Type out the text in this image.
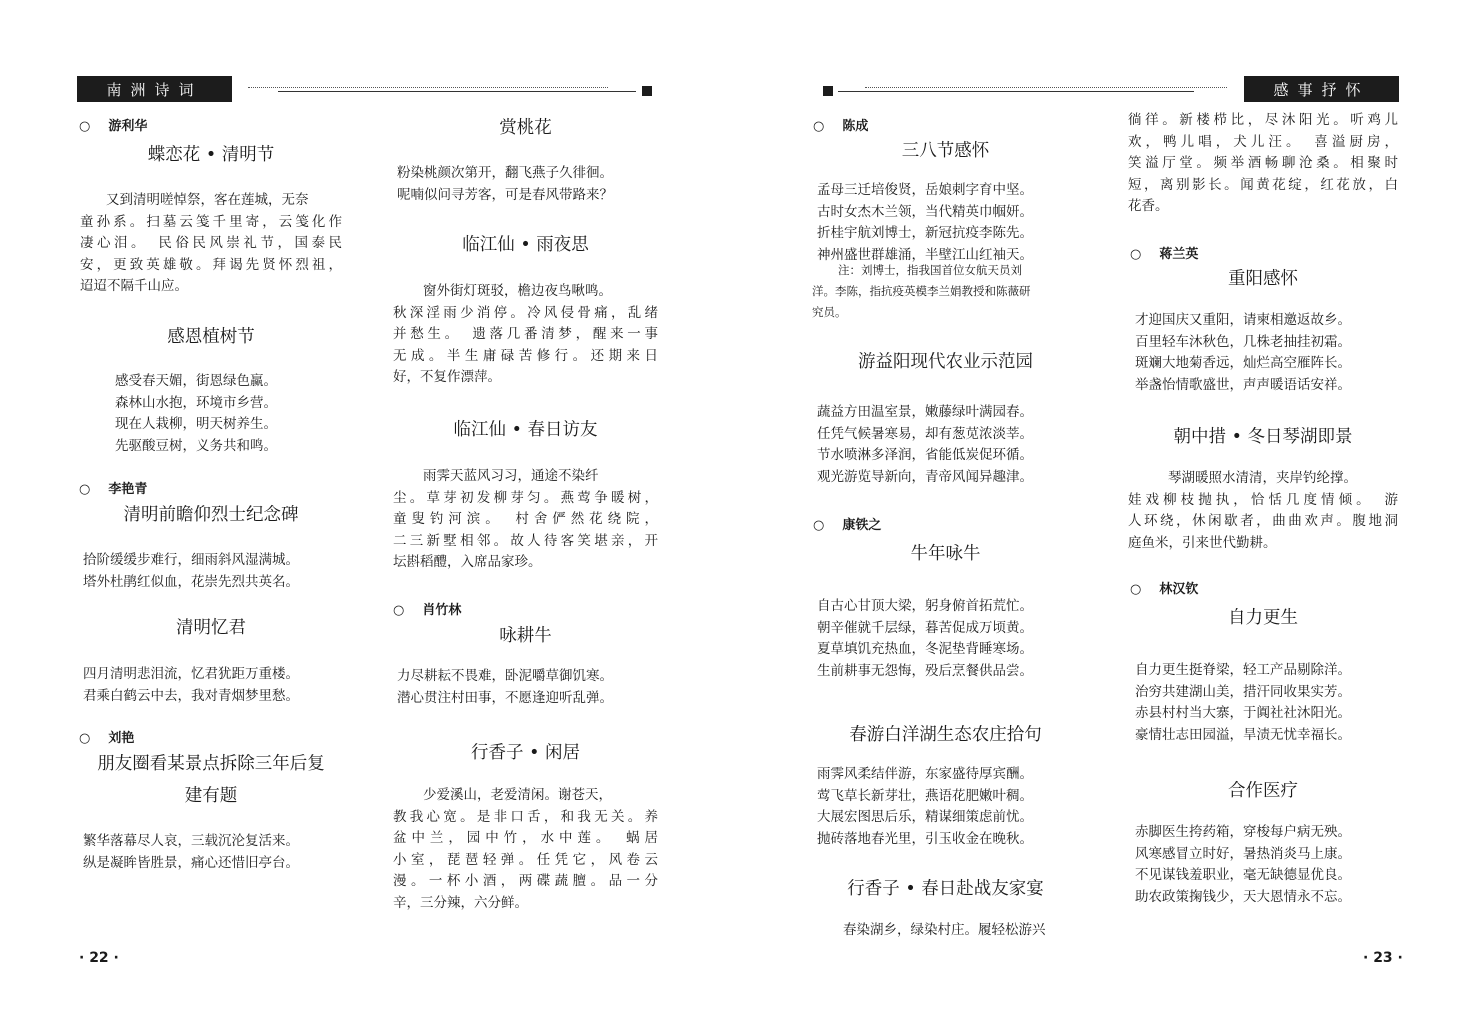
南洲诗词
○ 游利华
蝶恋花 • 清明节
又到清明嗟悼祭，客在莲城，无奈
童孙系。扫墓云笺千里寄，云笺化作
凄心泪。　民俗民风崇礼节，国泰民
安，更致英雄敬。拜谒先贤怀烈祖，
迢迢不隔千山应。
感恩植树节
感受春天媚，街恩绿色赢。
森林山水抱，环境市乡营。
现在人栽柳，明天树养生。
先驱酸豆树，义务共和鸣。
○ 李艳青
清明前瞻仰烈士纪念碑
拾阶缓缓步难行，细雨斜风湿满城。
塔外杜鹃红似血，花崇先烈共英名。
清明忆君
四月清明悲泪流，忆君犹距万重楼。
君乘白鹤云中去，我对青烟梦里愁。
○ 刘艳
朋友圈看某景点拆除三年后复
建有题
繁华落幕尽人哀，三载沉沦复活来。
纵是凝眸皆胜景，痛心还惜旧亭台。
赏桃花
粉染桃颜次第开，翻飞燕子久徘徊。
呢喃似问寻芳客，可是春风带路来？
临江仙 • 雨夜思
窗外街灯斑驳，檐边夜鸟啾鸣。
秋深淫雨少消停。冷风侵骨痛，乱绪
并愁生。　遗落几番清梦，醒来一事
无成。半生庸碌苦修行。还期来日
好，不复作漂萍。
临江仙 • 春日访友
雨霁天蓝风习习，通途不染纤
尘。草芽初发柳芽匀。燕莺争暖树，
童叟钓河滨。　村舍俨然花绕院，
二三新墅相邻。故人待客笑堪亲，开
坛斟稻醴，入席品家珍。
○ 肖竹林
咏耕牛
力尽耕耘不畏难，卧泥嚼草御饥寒。
潜心贯注村田事，不愿逢迎听乱弹。
行香子 • 闲居
少爱溪山，老爱清闲。谢苍天，
教我心宽。是非口舌，和我无关。养
盆中兰，园中竹，水中莲。　蜗居
小室，琵琶轻弹。任凭它，风卷云
漫。一杯小酒，两碟蔬膻。品一分
辛，三分辣，六分鲜。
· 22 ·
感事抒怀
○ 陈成
三八节感怀
孟母三迁培俊贤，岳娘刺字育中坚。
古时女杰木兰领，当代精英巾帼妍。
折桂宇航刘博士，新冠抗疫李陈先。
神州盛世群雄涌，半壁江山红袖天。
注：刘博士，指我国首位女航天员刘
洋。李陈，指抗疫英模李兰娟教授和陈薇研
究员。
游益阳现代农业示范园
蔬益方田温室景，嫩藤绿叶满园春。
任凭气候暑寒易，却有葱苋浓淡莘。
节水喷淋多泽润，省能低炭促环循。
观光游览导新向，青帝风闻异趣津。
○ 康铁之
牛年咏牛
自古心甘顶大梁，躬身俯首拓荒忙。
朝辛催就千层绿，暮苦促成万顷黄。
夏草填饥充热血，冬泥垫背睡寒场。
生前耕事无怨悔，殁后烹餐供品尝。
春游白洋湖生态农庄拾句
雨霁风柔结伴游，东家盛待厚宾酬。
莺飞草长新芽壮，燕语花肥嫩叶稠。
大展宏图思后乐，精谋细策虑前忧。
抛砖落地春光里，引玉收金在晚秋。
行香子 • 春日赴战友家宴
春染湖乡，绿染村庄。履轻松游兴
徜徉。新楼栉比，尽沐阳光。听鸡儿
欢，鸭儿唱，犬儿汪。　喜溢厨房，
笑溢厅堂。频举酒畅聊沧桑。相聚时
短，离别影长。闻黄花绽，红花放，白
花香。
○ 蒋兰英
重阳感怀
才迎国庆又重阳，请柬相邀返故乡。
百里轻车沐秋色，几株老抽挂初霜。
斑斓大地菊香远，灿烂高空雁阵长。
举盏怡情歌盛世，声声暖语话安祥。
朝中措 • 冬日琴湖即景
琴湖暖照水清清，夹岸钓纶撑。
娃戏柳枝抛执，恰恬几度情倾。　游
人环绕，休闲歇者，曲曲欢声。腹地洞
庭鱼米，引来世代勤耕。
○ 林汉钦
自力更生
自力更生挺脊梁，轻工产品剔除洋。
治穷共建湖山美，措汗同收果实芳。
赤县村村当大寨，于阗社社沐阳光。
豪情壮志田园溢，旱渍无忧幸福长。
合作医疗
赤脚医生挎药箱，穿梭每户病无殃。
风寒感冒立时好，暑热消炎马上康。
不见谋钱羞职业，毫无缺德显优良。
助农政策掬钱少，天大恩情永不忘。
· 23 ·
